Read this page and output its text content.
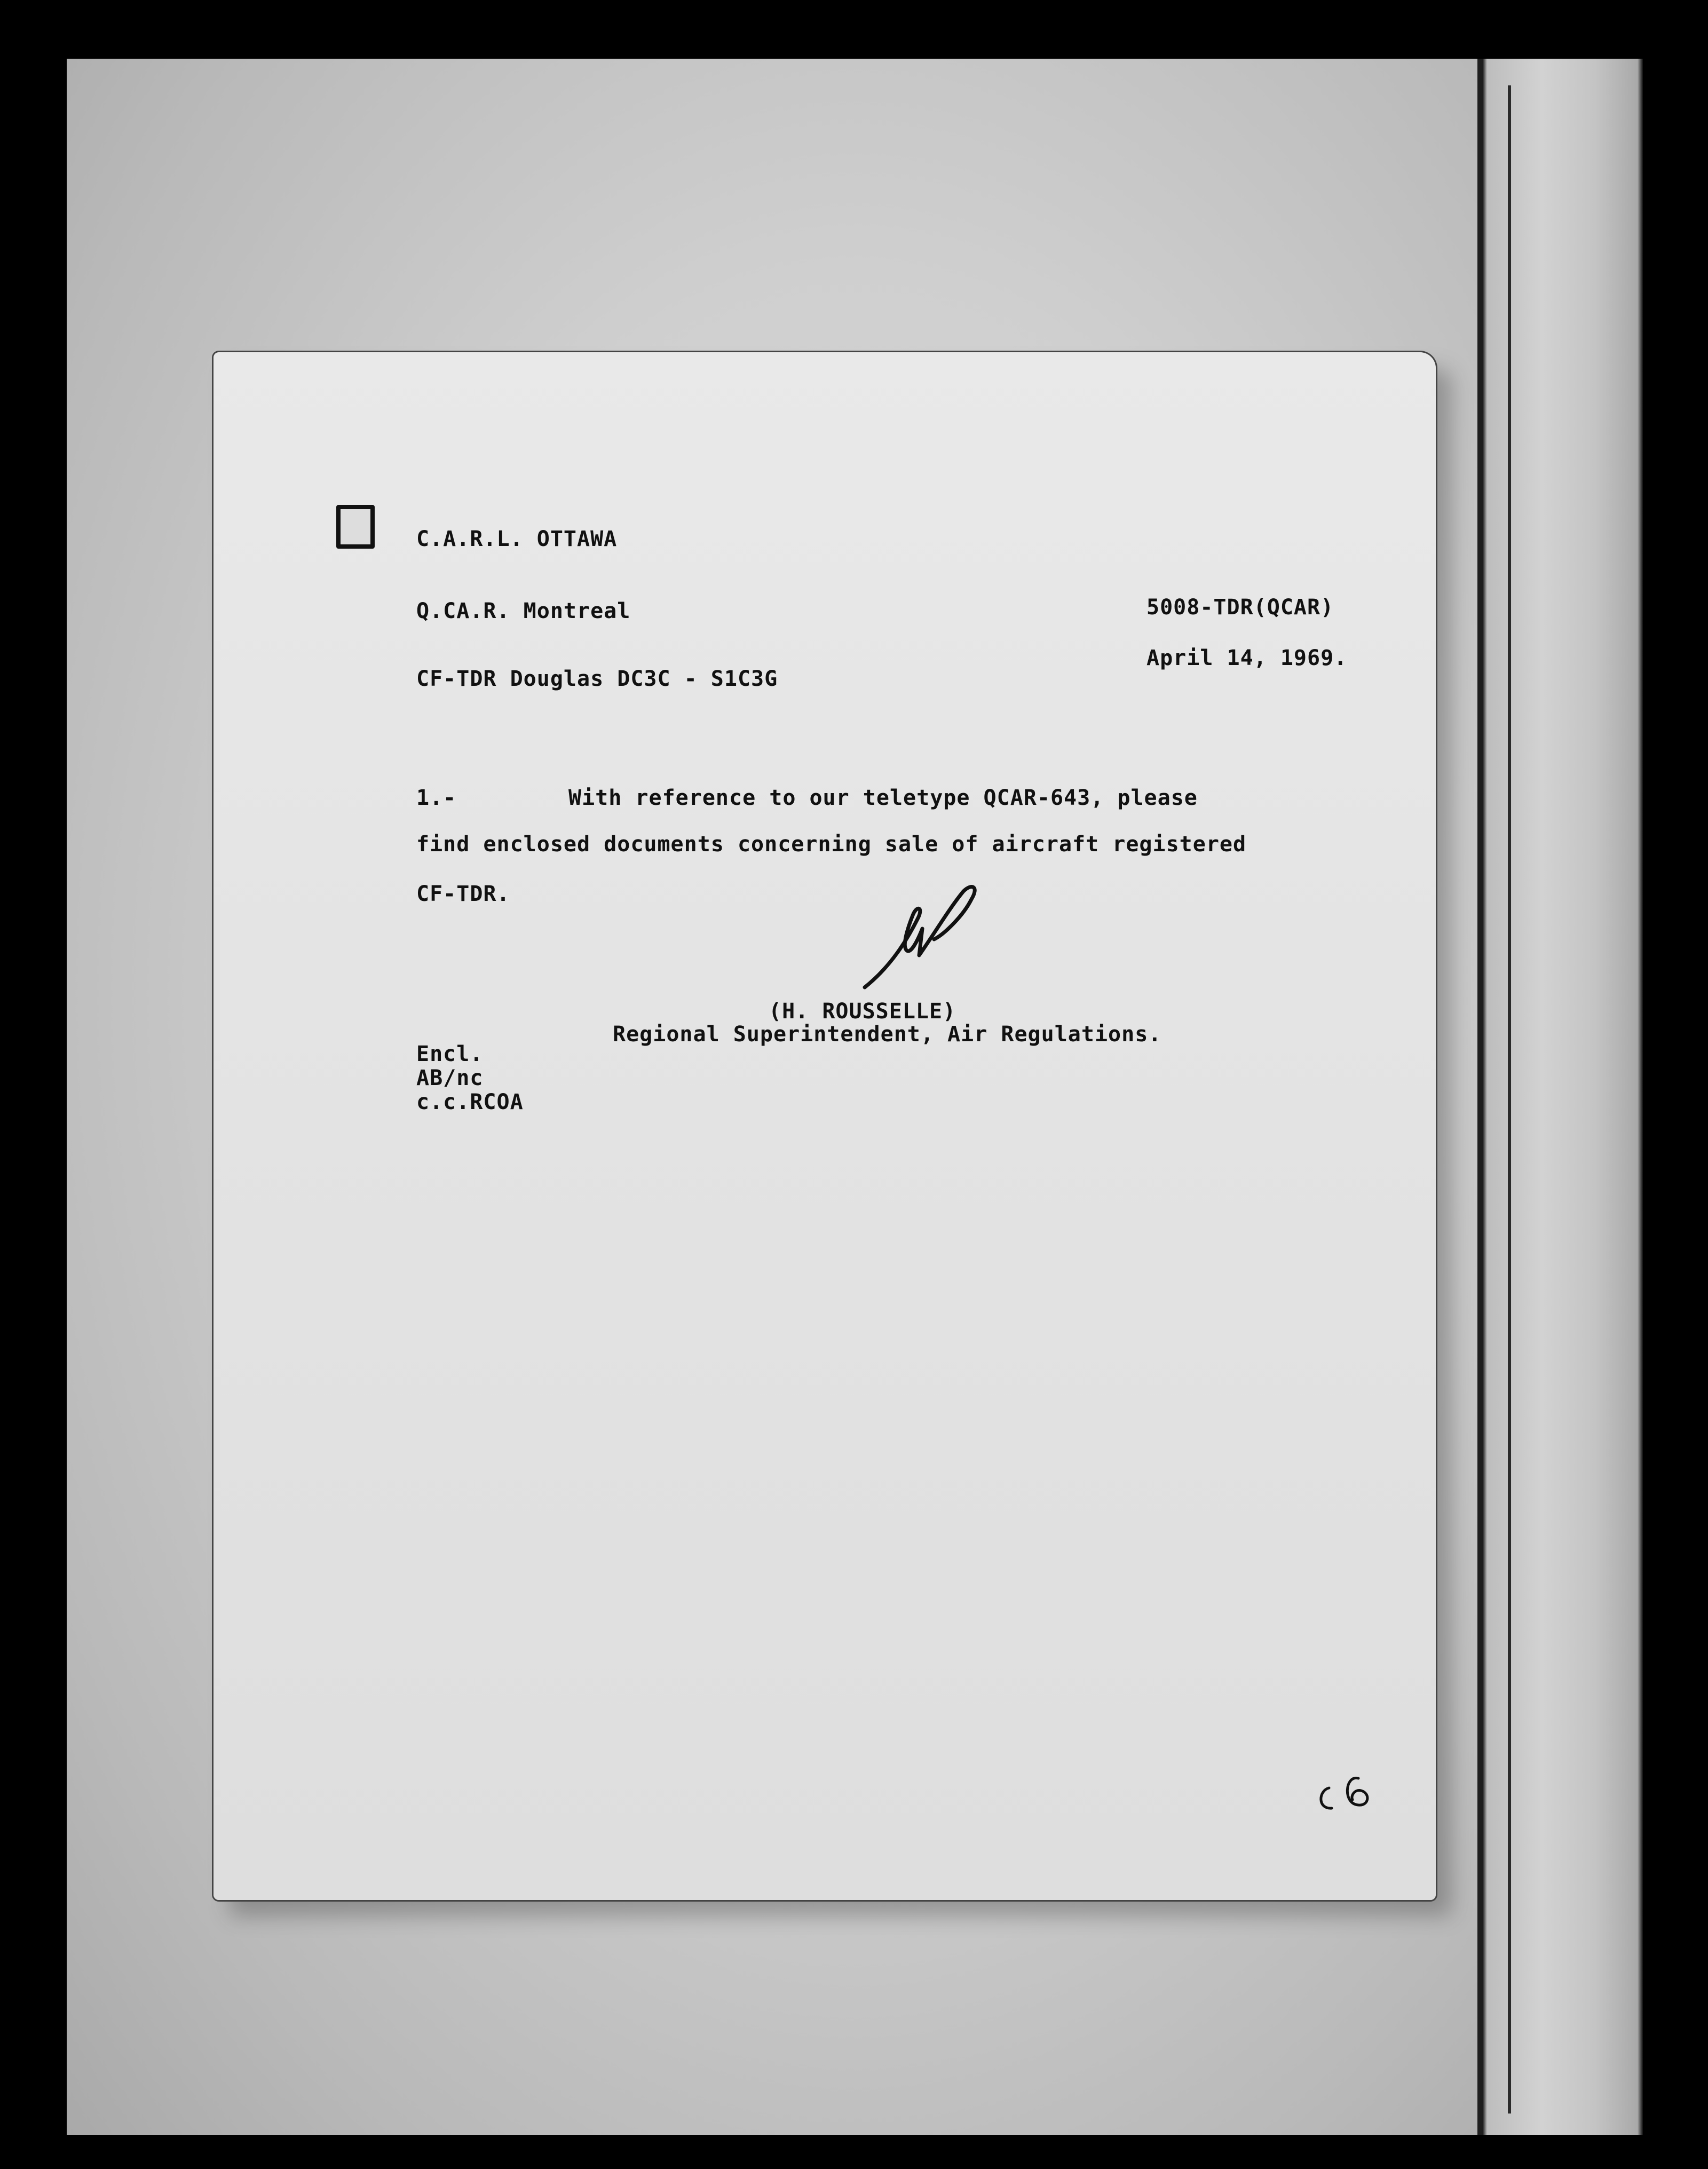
C.A.R.L. OTTAWA
Q.CA.R. Montreal	5008-TDR(QCAR)
April 14, 1969.
CF-TDR Douglas DC3C - S1C3G
1.-	With reference to our teletype QCAR-643, please
find enclosed documents concerning sale of aircraft registered
CF-TDR.
(H. ROUSSELLE)
Regional Superintendent, Air Regulations.
Encl.
AB/nc
c.c.RCOA
